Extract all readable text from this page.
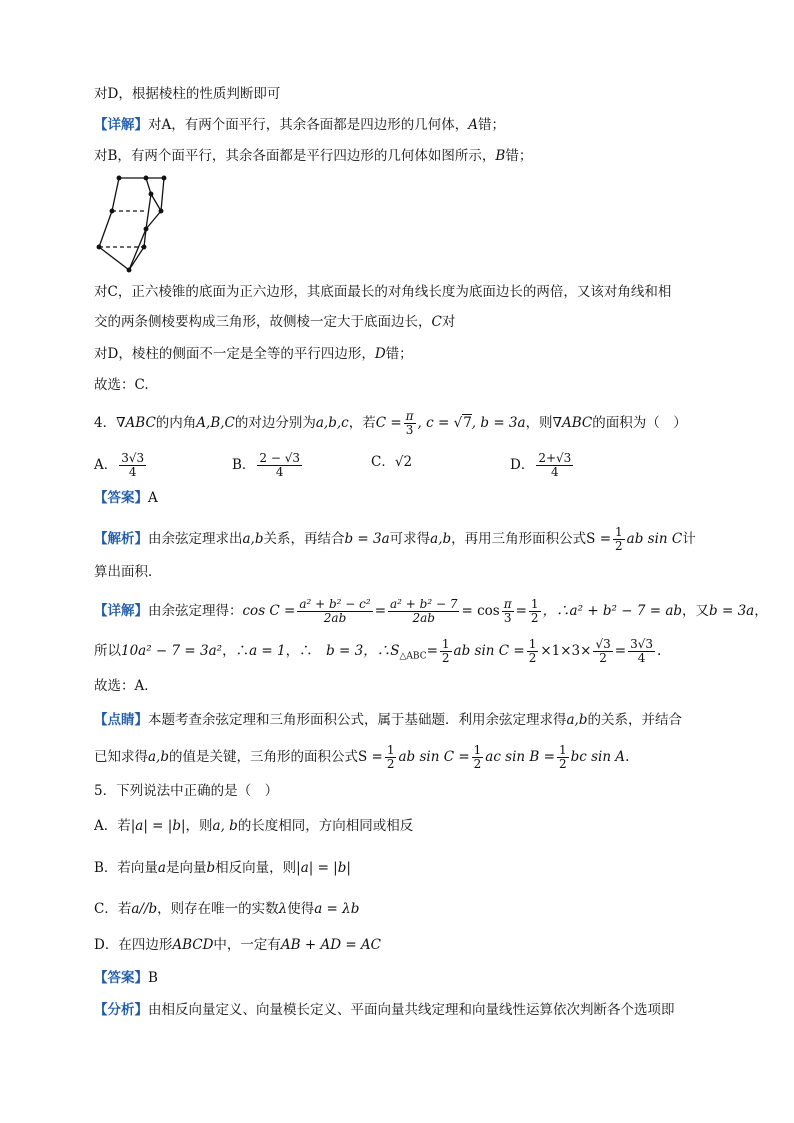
对D，根据棱柱的性质判断即可
【详解】对A，有两个面平行，其余各面都是四边形的几何体，A错；
对B，有两个面平行，其余各面都是平行四边形的几何体如图所示，B错；
对C，正六棱锥的底面为正六边形，其底面最长的对角线长度为底面边长的两倍，又该对角线和相
交的两条侧棱要构成三角形，故侧棱一定大于底面边长，C对
对D，棱柱的侧面不一定是全等的平行四边形，D错；
故选：C.
4．∇ABC的内角A,B,C的对边分别为a,b,c，若$C = \frac{\pi}{3}$ , c = √7, b = 3a，则∇ABC的面积为（　）
A． $\frac{3√3}{4}$	B． $\frac{2 - √3}{4}$	C．√2	D． $\frac{2+√3}{4}$
【答案】A
【解析】由余弦定理求出a,b关系，再结合b = 3a可求得a,b，再用三角形面积公式$S = \frac{1}{2}$ ab sin C计
算出面积．
【详解】由余弦定理得：$\cos C = \frac{\text{a² + b² − c²}}{2ab} = \frac{\text{a² + b² − 7}}{2ab} = \cos \frac{\pi}{3} = \frac{1}{2}$ ，∴a² + b² − 7 = ab，又b = 3a，
所以10a² − 7 = 3a²，∴a = 1，∴　b = 3，$\therefore S_{\triangle ABC}= \frac{1}{2}$ ab $\sin C = \frac{1}{2} \times 1\times 3\times \frac{√3}{2} = \frac{3√3}{4}$ .
故选：A．
【点睛】本题考查余弦定理和三角形面积公式，属于基础题．利用余弦定理求得a,b的关系，并结合
已知求得a,b的值是关键，三角形的面积公式$S = \frac{1}{2}$ ab $\sin C = \frac{1}{2}$ ac $\sin B = \frac{1}{2}$ bc sin A.
5．下列说法中正确的是（　）
A．若|a| = |b|，则a, b的长度相同，方向相同或相反
B．若向量a是向量b相反向量，则|a| = |b|
C．若a//b，则存在唯一的实数λ使得a = λb
D．在四边形ABCD中，一定有AB + AD = AC
【答案】B
【分析】由相反向量定义、向量模长定义、平面向量共线定理和向量线性运算依次判断各个选项即
